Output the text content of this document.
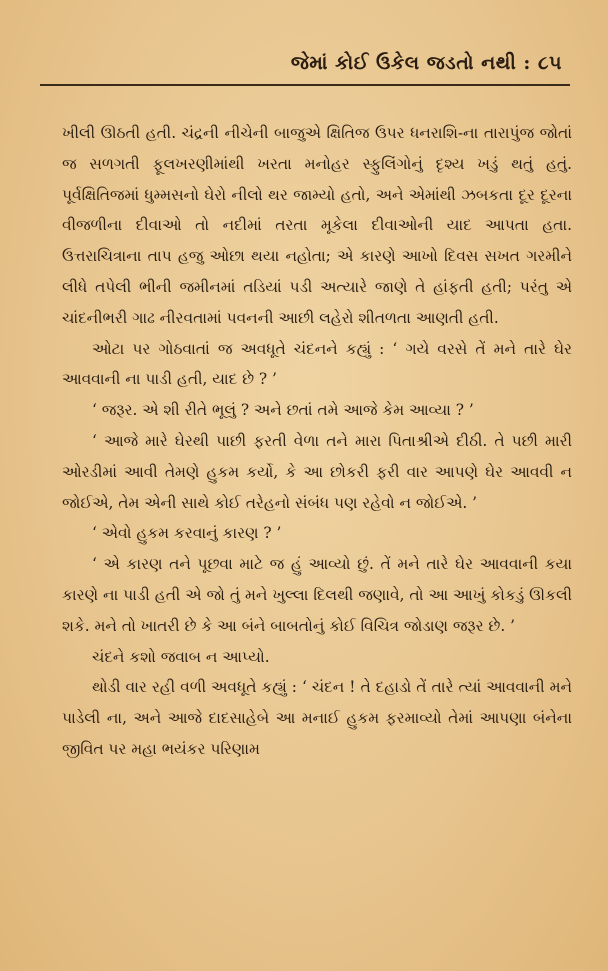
જેમાં કોઈ ઉકેલ જડતો નથી : ૮૫

ખીલી ઊઠતી હતી. ચંદ્રની નીચેની બાજુએ ક્ષિતિજ ઉપર ધનરાશિ-ના તારાપુંજ જોતાં જ સળગતી ફૂલખરણીમાંથી ખરતા મનોહર સ્ફુલિંગોનું દૃશ્ય ખડું થતું હતું. પૂર્વક્ષિતિજમાં ધુમ્મસનો ઘેરો નીલો થર જામ્યો હતો, અને એમાંથી ઝબકતા દૂર દૂરના વીજળીના દીવાઓ તો નદીમાં તરતા મૂકેલા દીવાઓની યાદ આપતા હતા. ઉત્તરાચિત્રાના તાપ હજુ ઓછા થયા નહોતા; એ કારણે આખો દિવસ સખત ગરમીને લીધે તપેલી ભીની જમીનમાં તડિયાં પડી અત્યારે જાણે તે હાંફતી હતી; પરંતુ એ ચાંદનીભરી ગાઢ નીરવતામાં પવનની આછી લહેરો શીતળતા આણતી હતી.

ઓટા પર ગોઠવાતાં જ અવધૂતે ચંદનને કહ્યું : ‘ ગયે વરસે તેં મને તારે ઘેર આવવાની ના પાડી હતી, યાદ છે ? ’

‘ જરૂર. એ શી રીતે ભૂલું ? અને છતાં તમે આજે કેમ આવ્યા ? ’

‘ આજે મારે ઘેરથી પાછી ફરતી વેળા તને મારા પિતાશ્રીએ દીઠી. તે પછી મારી ઓરડીમાં આવી તેમણે હુકમ કર્યો, કે આ છોકરી ફરી વાર આપણે ઘેર આવવી ન જોઈએ, તેમ એની સાથે કોઈ તરેહનો સંબંધ પણ રહેવો ન જોઈએ. ’

‘ એવો હુકમ કરવાનું કારણ ? ’

‘ એ કારણ તને પૂછવા માટે જ હું આવ્યો છું. તેં મને તારે ઘેર આવવાની કયા કારણે ના પાડી હતી એ જો તું મને ખુલ્લા દિલથી જણાવે, તો આ આખું કોકડું ઊકલી શકે. મને તો ખાતરી છે કે આ બંને બાબતોનું કોઈ વિચિત્ર જોડાણ જરૂર છે. ’

ચંદને કશો જવાબ ન આપ્યો.

થોડી વાર રહી વળી અવધૂતે કહ્યું : ‘ ચંદન ! તે દહાડો તેં તારે ત્યાં આવવાની મને પાડેલી ના, અને આજે દાદસાહેબે આ મનાઈ હુકમ ફરમાવ્યો તેમાં આપણા બંનેના જીવિત પર મહા ભયંકર પરિણામ
